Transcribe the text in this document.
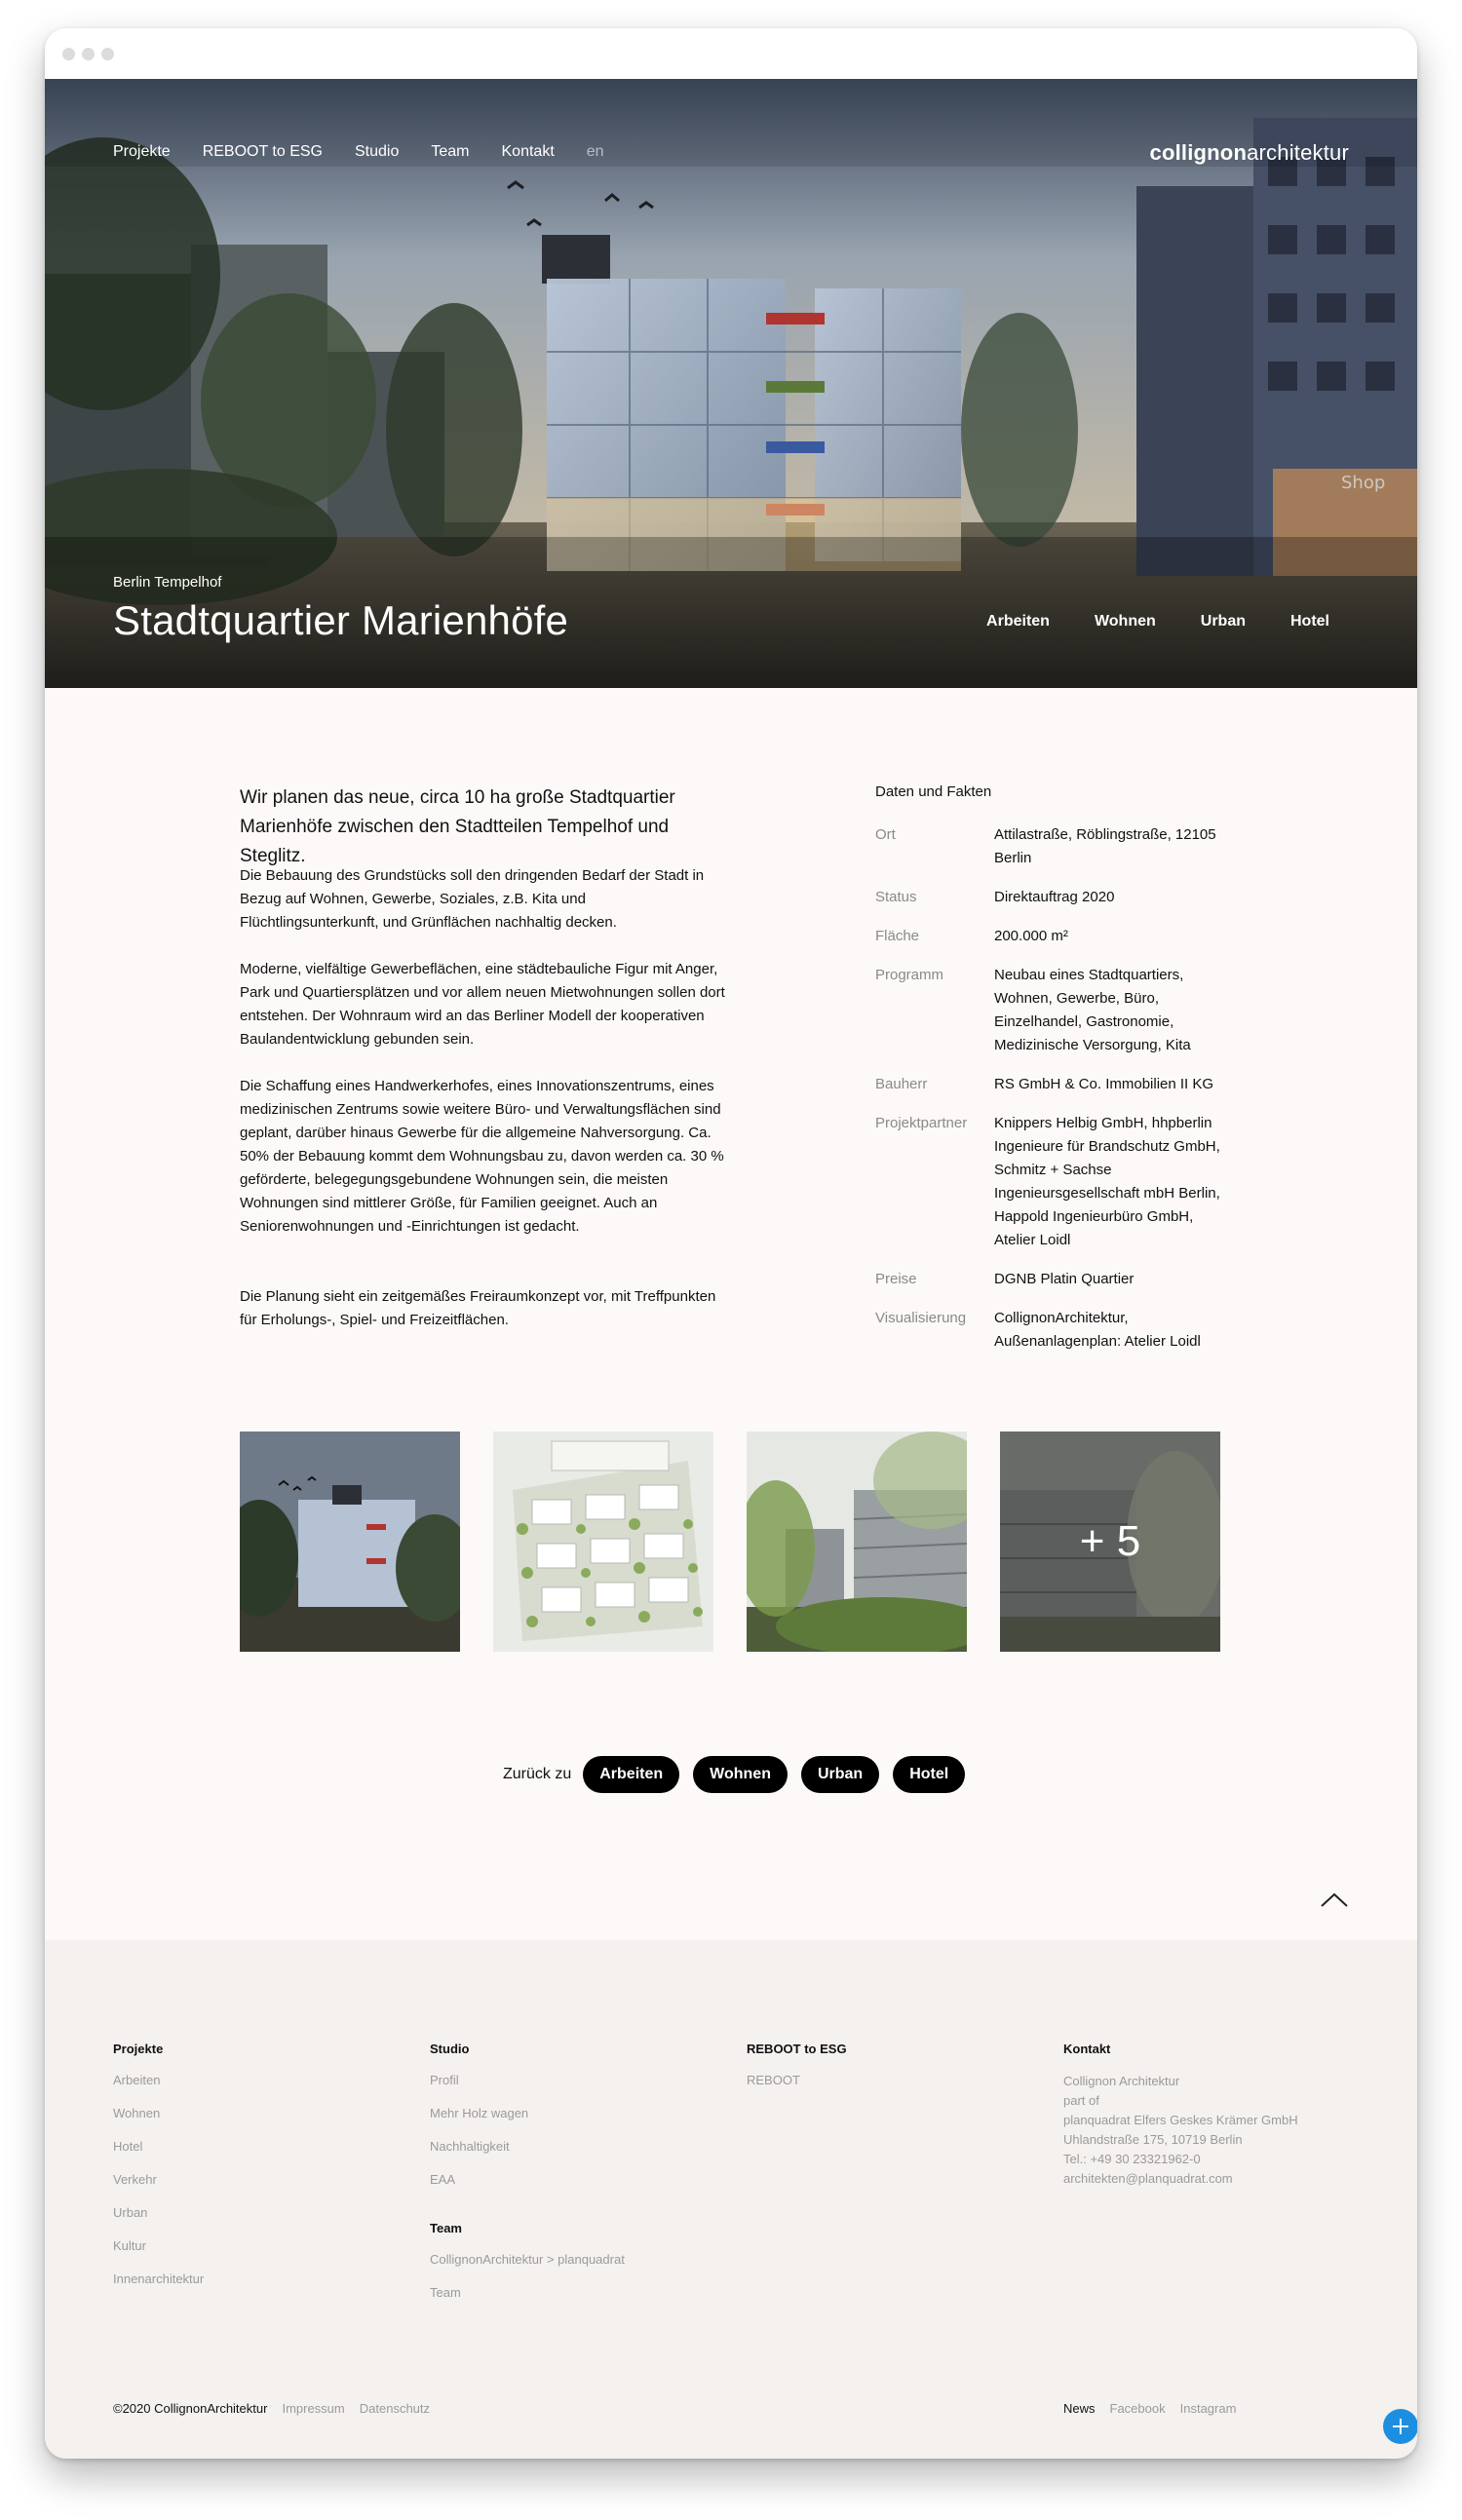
Shop
Projekte REBOOT to ESG Studio Team Kontakt en	collignonarchitektur
Berlin Tempelhof
Stadtquartier Marienhöfe	Arbeiten	Wohnen	Urban	Hotel
Wir planen das neue, circa 10 ha große Stadtquartier Marienhöfe zwischen den Stadtteilen Tempelhof und Steglitz.
Die Bebauung des Grundstücks soll den dringenden Bedarf der Stadt in Bezug auf Wohnen, Gewerbe, Soziales, z.B. Kita und Flüchtlingsunterkunft, und Grünflächen nachhaltig decken.
Moderne, vielfältige Gewerbeflächen, eine städtebauliche Figur mit Anger, Park und Quartiersplätzen und vor allem neuen Mietwohnungen sollen dort entstehen. Der Wohnraum wird an das Berliner Modell der kooperativen Baulandentwicklung gebunden sein.
Die Schaffung eines Handwerkerhofes, eines Innovationszentrums, eines medizinischen Zentrums sowie weitere Büro- und Verwaltungsflächen sind geplant, darüber hinaus Gewerbe für die allgemeine Nahversorgung. Ca. 50% der Bebauung kommt dem Wohnungsbau zu, davon werden ca. 30 % geförderte, belegegungsgebundene Wohnungen sein, die meisten Wohnungen sind mittlerer Größe, für Familien geeignet. Auch an Seniorenwohnungen und -Einrichtungen ist gedacht.
Die Planung sieht ein zeitgemäßes Freiraumkonzept vor, mit Treffpunkten für Erholungs-, Spiel- und Freizeitflächen.
Daten und Fakten
Ort	Attilastraße, Röblingstraße, 12105 Berlin
Status	Direktauftrag 2020
Fläche	200.000 m²
Programm	Neubau eines Stadtquartiers, Wohnen, Gewerbe, Büro, Einzelhandel, Gastronomie, Medizinische Versorgung, Kita
Bauherr	RS GmbH & Co. Immobilien II KG
Projektpartner	Knippers Helbig GmbH, hhpberlin Ingenieure für Brandschutz GmbH, Schmitz + Sachse Ingenieursgesellschaft mbH Berlin, Happold Ingenieurbüro GmbH, Atelier Loidl
Preise	DGNB Platin Quartier
Visualisierung	CollignonArchitektur, Außenanlagenplan: Atelier Loidl
+ 5
Zurück zu	Arbeiten	Wohnen	Urban	Hotel
Projekte
Arbeiten
Wohnen
Hotel
Verkehr
Urban
Kultur
Innenarchitektur
Studio
Profil
Mehr Holz wagen
Nachhaltigkeit
EAA
Team
CollignonArchitektur > planquadrat
Team
REBOOT to ESG
REBOOT
Kontakt
Collignon Architektur
part of
planquadrat Elfers Geskes Krämer GmbH
Uhlandstraße 175, 10719 Berlin
Tel.: +49 30 23321962-0
architekten@planquadrat.com
©2020 CollignonArchitektur Impressum Datenschutz	News Facebook Instagram
